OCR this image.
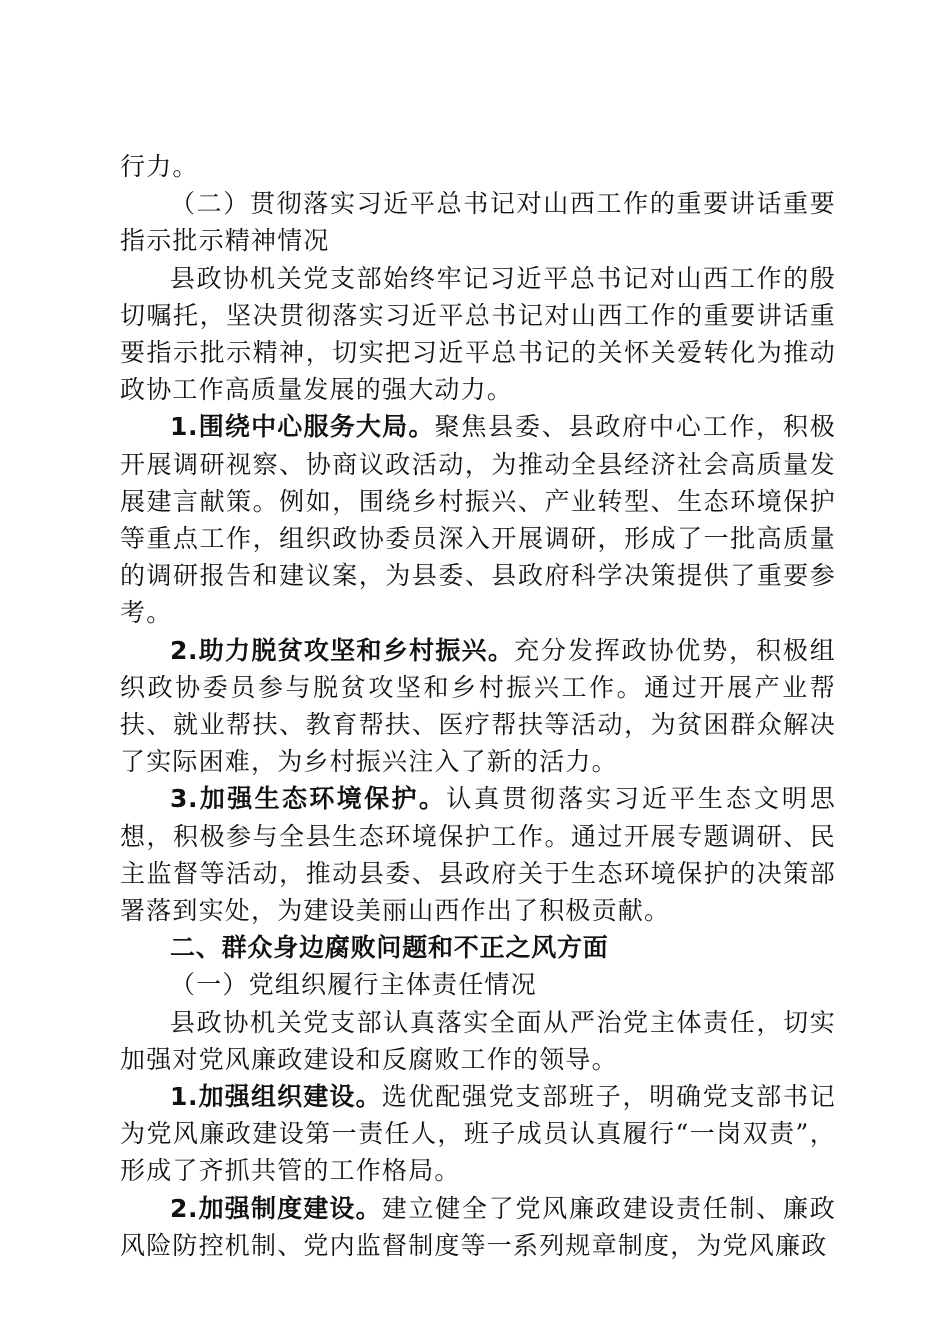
行力。

（二）贯彻落实习近平总书记对山西工作的重要讲话重要指示批示精神情况

县政协机关党支部始终牢记习近平总书记对山西工作的殷切嘱托，坚决贯彻落实习近平总书记对山西工作的重要讲话重要指示批示精神，切实把习近平总书记的关怀关爱转化为推动政协工作高质量发展的强大动力。

1.围绕中心服务大局。聚焦县委、县政府中心工作，积极开展调研视察、协商议政活动，为推动全县经济社会高质量发展建言献策。例如，围绕乡村振兴、产业转型、生态环境保护等重点工作，组织政协委员深入开展调研，形成了一批高质量的调研报告和建议案，为县委、县政府科学决策提供了重要参考。

2.助力脱贫攻坚和乡村振兴。充分发挥政协优势，积极组织政协委员参与脱贫攻坚和乡村振兴工作。通过开展产业帮扶、就业帮扶、教育帮扶、医疗帮扶等活动，为贫困群众解决了实际困难，为乡村振兴注入了新的活力。

3.加强生态环境保护。认真贯彻落实习近平生态文明思想，积极参与全县生态环境保护工作。通过开展专题调研、民主监督等活动，推动县委、县政府关于生态环境保护的决策部署落到实处，为建设美丽山西作出了积极贡献。

二、群众身边腐败问题和不正之风方面

（一）党组织履行主体责任情况

县政协机关党支部认真落实全面从严治党主体责任，切实加强对党风廉政建设和反腐败工作的领导。

1.加强组织建设。选优配强党支部班子，明确党支部书记为党风廉政建设第一责任人，班子成员认真履行“一岗双责”，形成了齐抓共管的工作格局。

2.加强制度建设。建立健全了党风廉政建设责任制、廉政风险防控机制、党内监督制度等一系列规章制度，为党风廉政
